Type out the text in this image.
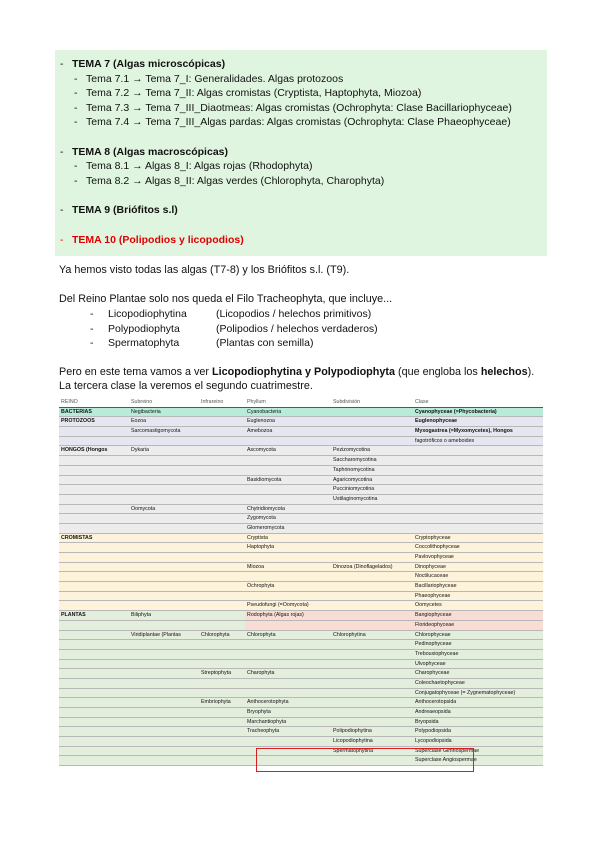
- TEMA 7 (Algas microscópicas)
- Tema 7.1 → Tema 7_I: Generalidades. Algas protozoos
- Tema 7.2 → Tema 7_II: Algas cromistas (Cryptista, Haptophyta, Miozoa)
- Tema 7.3 → Tema 7_III_Diaotmeas: Algas cromistas (Ochrophyta: Clase Bacillariophyceae)
- Tema 7.4 → Tema 7_III_Algas pardas: Algas cromistas (Ochrophyta: Clase Phaeophyceae)
- TEMA 8 (Algas macroscópicas)
- Tema 8.1 → Algas 8_I: Algas rojas (Rhodophyta)
- Tema 8.2 → Algas 8_II: Algas verdes (Chlorophyta, Charophyta)
- TEMA 9 (Briófitos s.l)
- TEMA 10 (Polipodios y licopodios)
Ya hemos visto todas las algas (T7-8) y los Briófitos s.l. (T9).
Del Reino Plantae solo nos queda el Filo Tracheophyta, que incluye...
- Licopodiophytina	(Licopodios / helechos primitivos)
- Polypodiophyta	(Polipodios / helechos verdaderos)
- Spermatophyta	(Plantas con semilla)
Pero en este tema vamos a ver Licopodiophytina y Polypodiophyta (que engloba los helechos).
La tercera clase la veremos el segundo cuatrimestre.
REINO	Subreino	Infrareino	Phyllum	Subdivisión	Clase
BACTERIAS	Negibacteria		Cyanobacteria		Cyanophyceae (=Phycobacteria)
PROTOZOOS	Eozoa		Euglenozoa		Euglenophyceae
	Sarcomastigomycota		Amebozoa		Myxogastrea (=Myxomycetes), Hongos
					fagotróficos o ameboides
HONGOS (Hongos	Dykaria		Ascomycota	Pezizomycotina	
				Saccharomycotina	
				Taphrinomycotina	
			Basidiomycota	Agaricomycotina	
				Pucciniomycotina	
				Ustilaginomycotina	
	Oomycota		Chytridiomycota		
			Zygomycota		
			Glomeromycota		
CROMISTAS			Cryptista		Cryptophyceae
			Haptophyta		Coccolithophyceae
					Pavlovophyceae
			Miozoa	Dinozoa (Dinoflagelados)	Dinophyceae
					Noctilucaceae
			Ochrophyta		Bacillariophyceae
					Phaeophyceae
			Pseudofungi (=Oomycota)		Oomycetes
PLANTAS	Biliphyta		Rodophyta (Algas rojas)		Bangiophyceae
					Florideophyceae
	Viridiplantae (Plantas	Chlorophyta	Chlorophyta	Chlorophytina	Chlorophyceae
					Pedinophyceae
					Trebouxiophyceae
					Ulvophyceae
		Streptophyta	Charophyta		Charophyceae
					Coleochaetophyceae
					Conjugatophyceae (= Zygnematophyceae)
		Embriophyta	Anthocerotophyta		Anthocerotopsida
			Bryophyta		Andreaeopsida
			Marchantiophyta		Bryopsida
			Tracheophyta	Polipodiophytina	Polypodiopsida
				Licopodiophytina	Lycopodiopsida
				Spermatophytina	Superclase Gimnospermae
					Superclase Angiospermae
